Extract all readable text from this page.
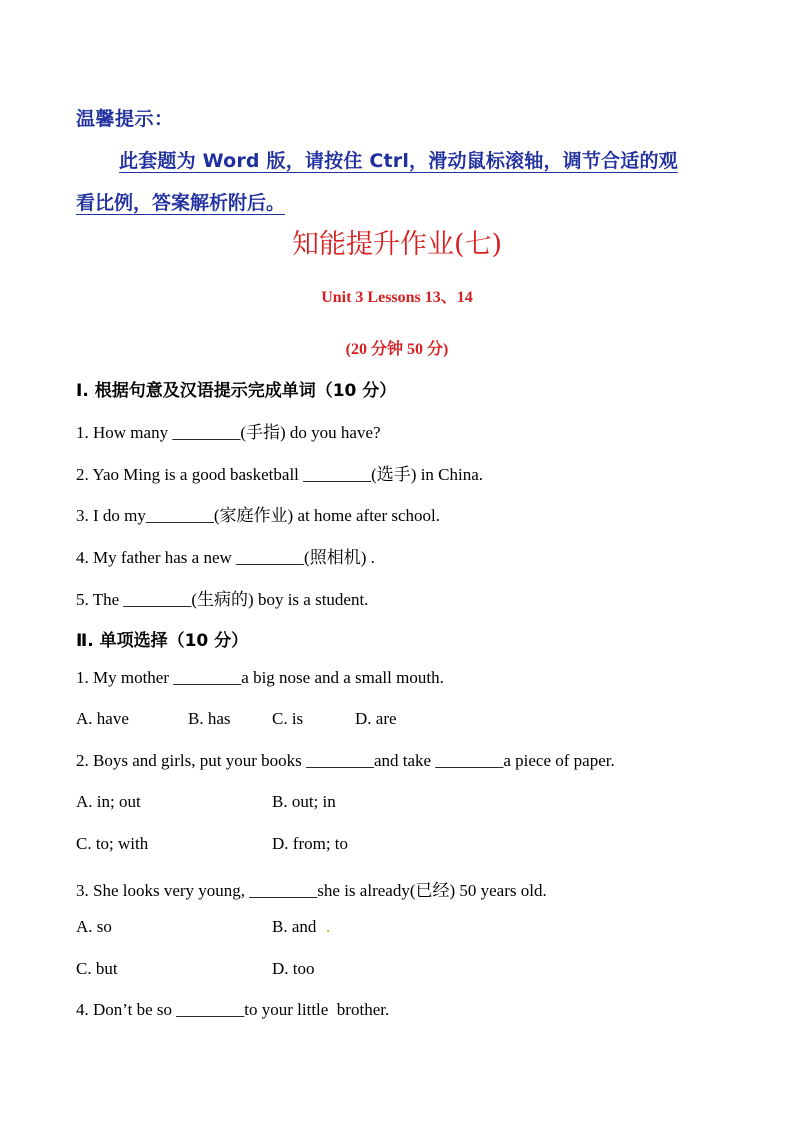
温馨提示：
此套题为 Word 版，请按住 Ctrl，滑动鼠标滚轴，调节合适的观
看比例，答案解析附后。
知能提升作业(七)
Unit 3 Lessons 13、14
(20 分钟 50 分)
Ⅰ. 根据句意及汉语提示完成单词（10 分）
1. How many ________(手指) do you have?
2. Yao Ming is a good basketball ________(选手) in China.
3. I do my________(家庭作业) at home after school.
4. My father has a new ________(照相机) .
5. The ________(生病的) boy is a student.
Ⅱ. 单项选择（10 分）
1. My mother ________a big nose and a small mouth.
A. have	B. has C. is	D. are
2. Boys and girls, put your books ________and take ________a piece of paper.
A. in; out	B. out; in
C. to; with	D. from; to
3. She looks very young, ________she is already(已经) 50 years old.
A. so	B. and .
C. but	D. too
4. Don’t be so ________to your little  brother.
